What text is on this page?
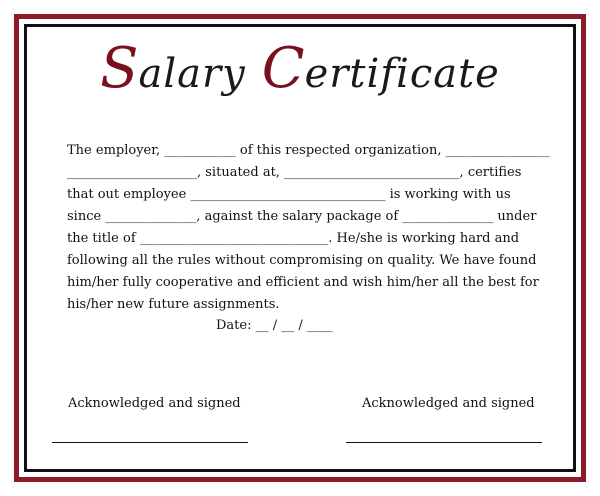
Salary Certificate

The employer, ___________ of this respected organization, ________________

____________________, situated at, ___________________________, certifies

that out employee ______________________________ is working with us

since ______________, against the salary package of ______________ under

the title of _____________________________. He/she is working hard and

following all the rules without compromising on quality. We have found

him/her fully cooperative and efficient and wish him/her all the best for

his/her new future assignments.

Date: __ / __ / ____
Acknowledged and signed	Acknowledged and signed
